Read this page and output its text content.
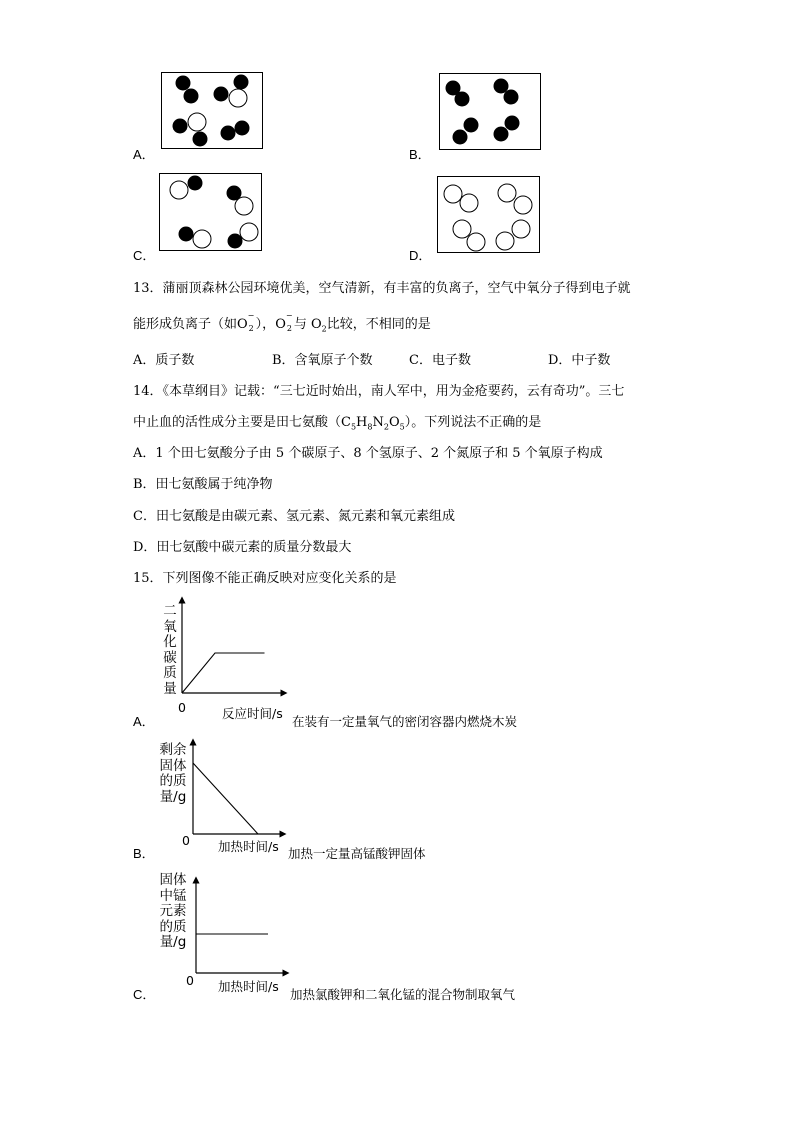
A．	B．
C．	D．
13．蒲丽顶森林公园环境优美，空气清新，有丰富的负离子，空气中氧分子得到电子就
能形成负离子（如O
−
2 ），O
−
2 与 $O_2$比较，不相同的是
A．质子数	B．含氧原子个数	C．电子数	D．中子数
14．《本草纲目》记载：“三七近时始出，南人军中，用为金疮要药，云有奇功”。三七
中止血的活性成分主要是田七氨酸$(C_5H_8N_2O_5)$。下列说法不正确的是
A．1 个田七氨酸分子由 5 个碳原子、8 个氢原子、2 个氮原子和 5 个氧原子构成
B．田七氨酸属于纯净物
C．田七氨酸是由碳元素、氢元素、氮元素和氧元素组成
D．田七氨酸中碳元素的质量分数最大
15．下列图像不能正确反映对应变化关系的是
二
氧
化
碳
质
量
0	反应时间/s
A．	在装有一定量氧气的密闭容器内燃烧木炭
剩余
固体
的质
量/g
0 加热时间/s
B．	加热一定量高锰酸钾固体
固体
中锰
元素
的质
量/g
0 加热时间/s
C．	加热氯酸钾和二氧化锰的混合物制取氧气
